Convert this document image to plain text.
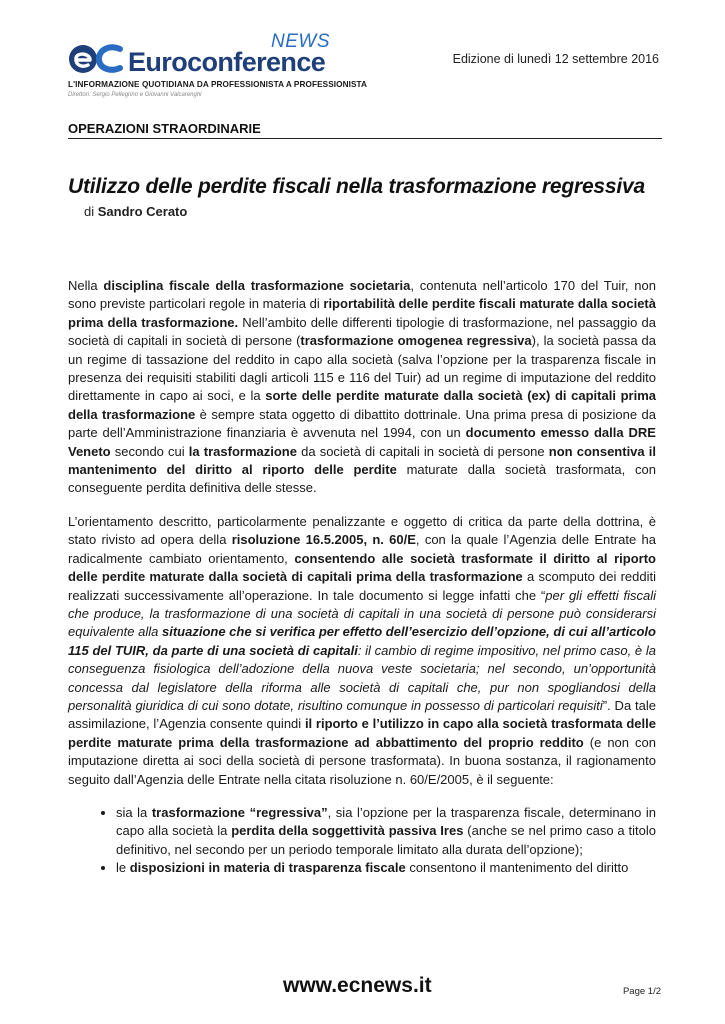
NEWS
Euroconference
L'INFORMAZIONE QUOTIDIANA DA PROFESSIONISTA A PROFESSIONISTA
Direttori: Sergio Pellegrino e Giovanni Valcarenghi
Edizione di lunedì 12 settembre 2016
OPERAZIONI STRAORDINARIE
Utilizzo delle perdite fiscali nella trasformazione regressiva
di Sandro Cerato

Nella disciplina fiscale della trasformazione societaria, contenuta nell’articolo 170 del Tuir, non sono previste particolari regole in materia di riportabilità delle perdite fiscali maturate dalla società prima della trasformazione. Nell’ambito delle differenti tipologie di trasformazione, nel passaggio da società di capitali in società di persone (trasformazione omogenea regressiva), la società passa da un regime di tassazione del reddito in capo alla società (salva l’opzione per la trasparenza fiscale in presenza dei requisiti stabiliti dagli articoli 115 e 116 del Tuir) ad un regime di imputazione del reddito direttamente in capo ai soci, e la sorte delle perdite maturate dalla società (ex) di capitali prima della trasformazione è sempre stata oggetto di dibattito dottrinale. Una prima presa di posizione da parte dell’Amministrazione finanziaria è avvenuta nel 1994, con un documento emesso dalla DRE Veneto secondo cui la trasformazione da società di capitali in società di persone non consentiva il mantenimento del diritto al riporto delle perdite maturate dalla società trasformata, con conseguente perdita definitiva delle stesse.

L’orientamento descritto, particolarmente penalizzante e oggetto di critica da parte della dottrina, è stato rivisto ad opera della risoluzione 16.5.2005, n. 60/E, con la quale l’Agenzia delle Entrate ha radicalmente cambiato orientamento, consentendo alle società trasformate il diritto al riporto delle perdite maturate dalla società di capitali prima della trasformazione a scomputo dei redditi realizzati successivamente all’operazione. In tale documento si legge infatti che “per gli effetti fiscali che produce, la trasformazione di una società di capitali in una società di persone può considerarsi equivalente alla situazione che si verifica per effetto dell’esercizio dell’opzione, di cui all’articolo 115 del TUIR, da parte di una società di capitali: il cambio di regime impositivo, nel primo caso, è la conseguenza fisiologica dell’adozione della nuova veste societaria; nel secondo, un’opportunità concessa dal legislatore della riforma alle società di capitali che, pur non spogliandosi della personalità giuridica di cui sono dotate, risultino comunque in possesso di particolari requisiti”. Da tale assimilazione, l’Agenzia consente quindi il riporto e l’utilizzo in capo alla società trasformata delle perdite maturate prima della trasformazione ad abbattimento del proprio reddito (e non con imputazione diretta ai soci della società di persone trasformata). In buona sostanza, il ragionamento seguito dall’Agenzia delle Entrate nella citata risoluzione n. 60/E/2005, è il seguente:

• sia la trasformazione “regressiva”, sia l’opzione per la trasparenza fiscale, determinano in capo alla società la perdita della soggettività passiva Ires (anche se nel primo caso a titolo definitivo, nel secondo per un periodo temporale limitato alla durata dell’opzione);
• le disposizioni in materia di trasparenza fiscale consentono il mantenimento del diritto
www.ecnews.it	Page 1/2
